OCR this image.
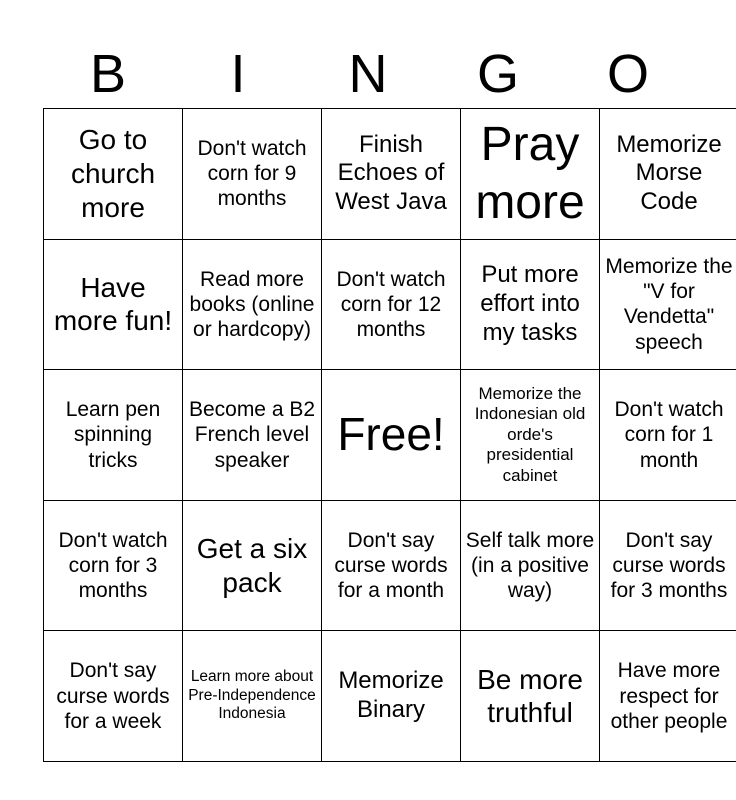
B	I	N	G	O
Go to church more	Don't watch corn for 9 months	Finish Echoes of West Java	Pray more	Memorize Morse Code

Have more fun!	Read more books (online or hardcopy)	Don't watch corn for 12 months	Put more effort into my tasks	Memorize the "V for Vendetta" speech

Learn pen spinning tricks	Become a B2 French level speaker	Free!	Memorize the Indonesian old orde's presidential cabinet	Don't watch corn for 1 month

Don't watch corn for 3 months	Get a six pack	Don't say curse words for a month	Self talk more (in a positive way)	Don't say curse words for 3 months

Don't say curse words for a week	Learn more about Pre-Independence Indonesia	Memorize Binary	Be more truthful	Have more respect for other people
